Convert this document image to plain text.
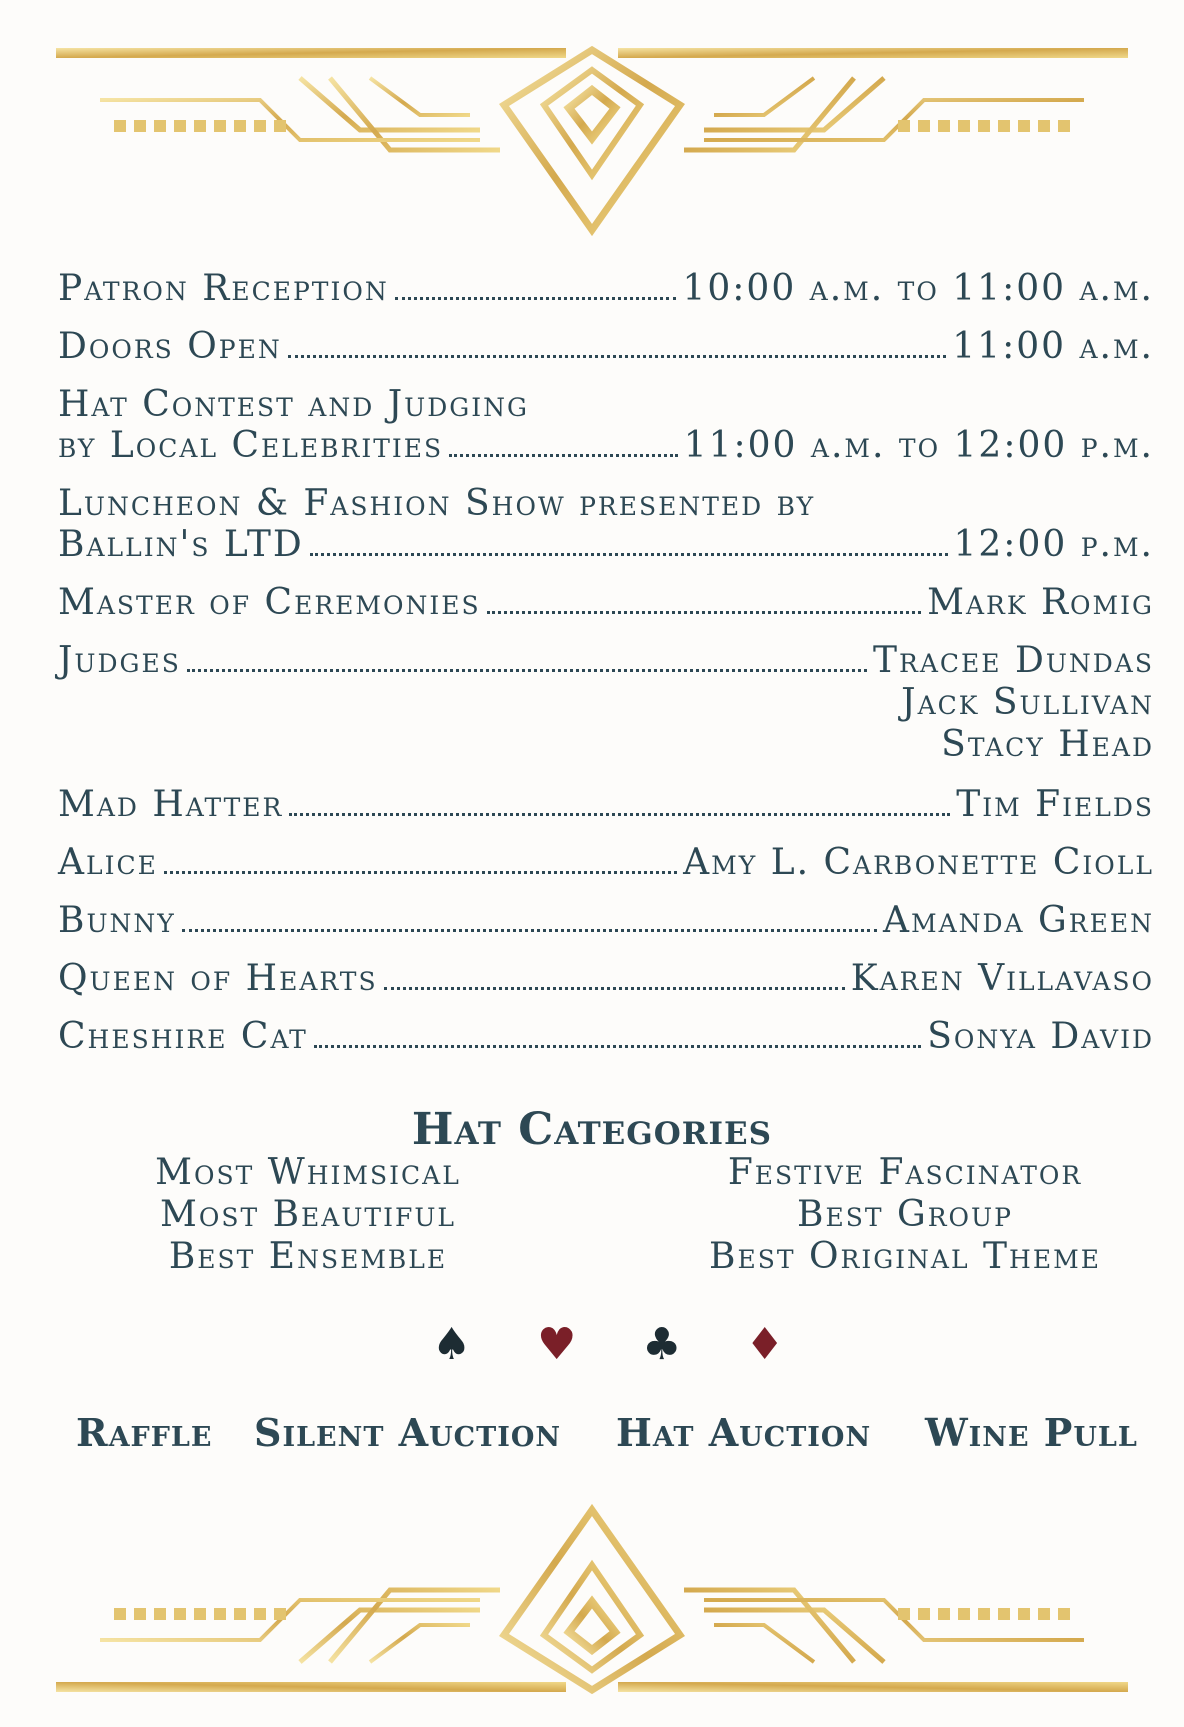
Patron Reception	10:00 a.m. to 11:00 a.m.
Doors Open	11:00 a.m.
Hat Contest and Judging
by Local Celebrities	11:00 a.m. to 12:00 p.m.
Luncheon & Fashion Show presented by
Ballin's LTD	12:00 p.m.
Master of Ceremonies	Mark Romig
Judges	Tracee Dundas
Jack Sullivan
Stacy Head
Mad Hatter	Tim Fields
Alice	Amy L. Carbonette Cioll
Bunny	Amanda Green
Queen of Hearts	Karen Villavaso
Cheshire Cat	Sonya David
Hat Categories
Most Whimsical
Most Beautiful
Best Ensemble
Festive Fascinator
Best Group
Best Original Theme
♠ ♥ ♣ ♦
Raffle Silent Auction Hat Auction Wine Pull
